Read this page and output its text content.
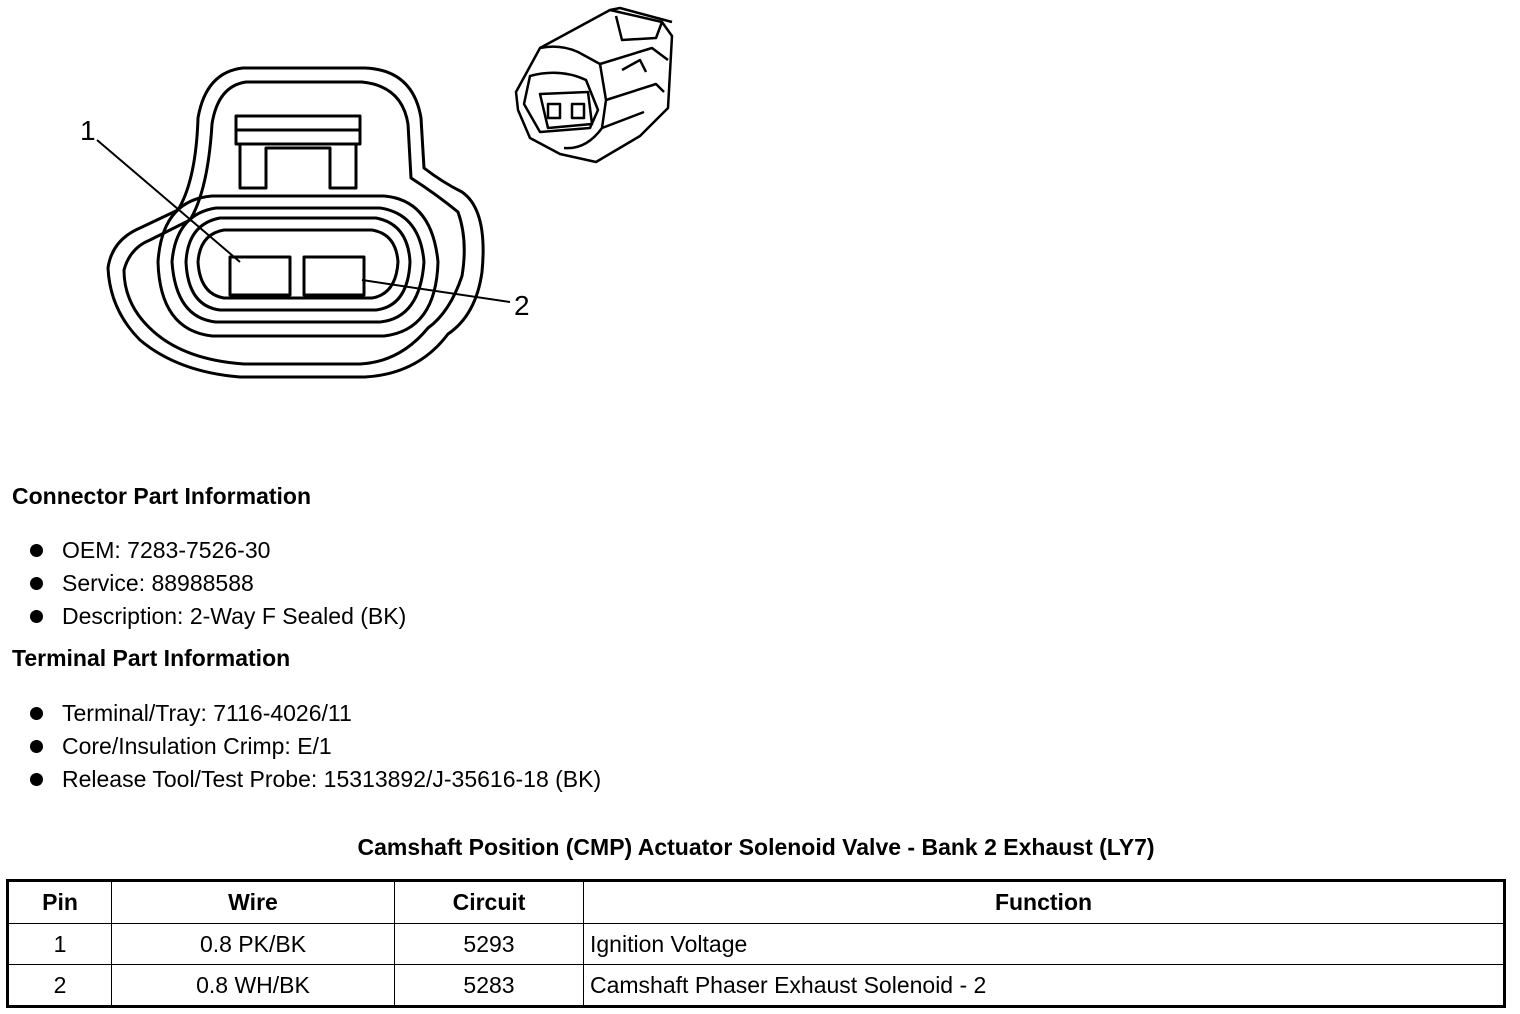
1
2
Connector Part Information
OEM: 7283-7526-30
Service: 88988588
Description: 2-Way F Sealed (BK)
Terminal Part Information
Terminal/Tray: 7116-4026/11
Core/Insulation Crimp: E/1
Release Tool/Test Probe: 15313892/J-35616-18 (BK)
Camshaft Position (CMP) Actuator Solenoid Valve - Bank 2 Exhaust (LY7)
Pin	Wire	Circuit	Function
1	0.8 PK/BK	5293	Ignition Voltage
2	0.8 WH/BK	5283	Camshaft Phaser Exhaust Solenoid - 2
